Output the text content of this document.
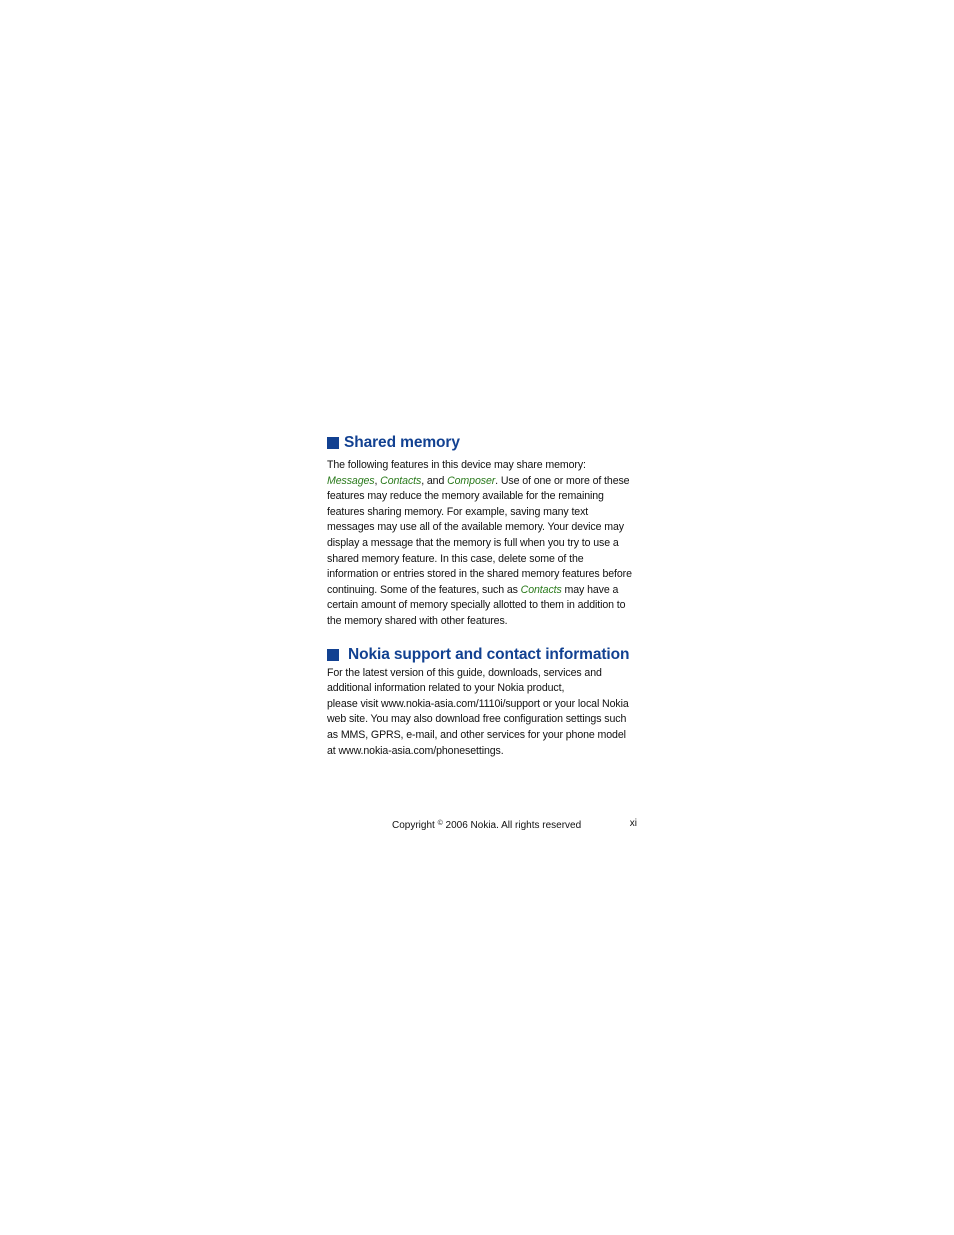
Shared memory

The following features in this device may share memory: Messages, Contacts, and Composer. Use of one or more of these features may reduce the memory available for the remaining features sharing memory. For example, saving many text messages may use all of the available memory. Your device may display a message that the memory is full when you try to use a shared memory feature. In this case, delete some of the information or entries stored in the shared memory features before continuing. Some of the features, such as Contacts may have a certain amount of memory specially allotted to them in addition to the memory shared with other features.

Nokia support and contact information

For the latest version of this guide, downloads, services and additional information related to your Nokia product,
please visit www.nokia-asia.com/1110i/support or your local Nokia web site. You may also download free configuration settings such as MMS, GPRS, e-mail, and other services for your phone model at www.nokia-asia.com/phonesettings.

Copyright © 2006 Nokia. All rights reserved	xi
